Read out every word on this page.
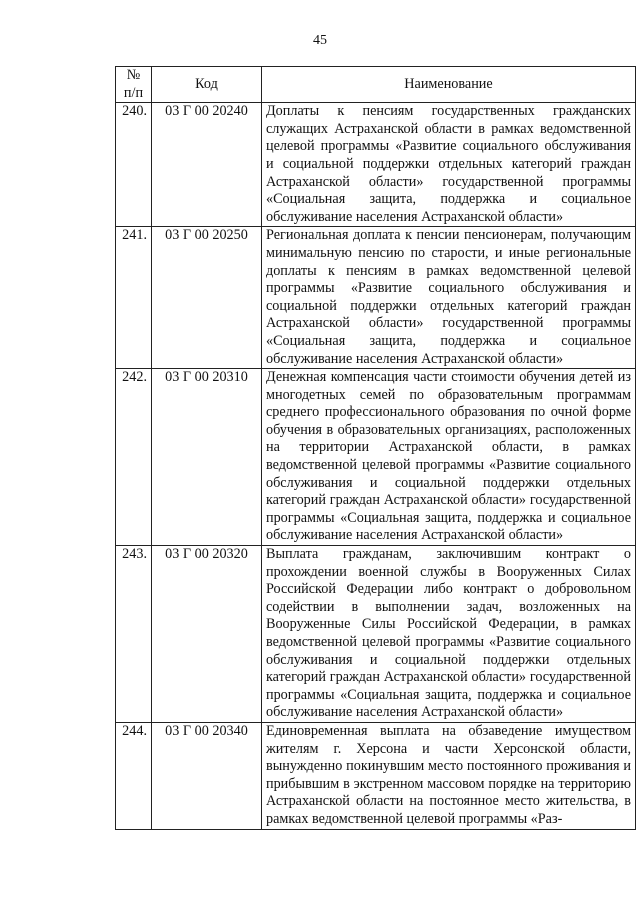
45
№
п/п	Код	Наименование
240.	03 Г 00 20240	Доплаты к пенсиям государственных гражданских служащих Астраханской области в рамках ведомственной целевой программы «Развитие социального обслуживания и социальной поддержки отдельных категорий граждан Астраханской области» государственной программы «Социальная защита, поддержка и социальное обслуживание населения Астраханской области»
241.	03 Г 00 20250	Региональная доплата к пенсии пенсионерам, получающим минимальную пенсию по старости, и иные региональные доплаты к пенсиям в рамках ведомственной целевой программы «Развитие социального обслуживания и социальной поддержки отдельных категорий граждан Астраханской области» государственной программы «Социальная защита, поддержка и социальное обслуживание населения Астраханской области»
242.	03 Г 00 20310	Денежная компенсация части стоимости обучения детей из многодетных семей по образовательным программам среднего профессионального образования по очной форме обучения в образовательных организациях, расположенных на территории Астраханской области, в рамках ведомственной целевой программы «Развитие социального обслуживания и социальной поддержки отдельных категорий граждан Астраханской области» государственной программы «Социальная защита, поддержка и социальное обслуживание населения Астраханской области»
243.	03 Г 00 20320	Выплата гражданам, заключившим контракт о прохождении военной службы в Вооруженных Силах Российской Федерации либо контракт о добровольном содействии в выполнении задач, возложенных на Вооруженные Силы Российской Федерации, в рамках ведомственной целевой программы «Развитие социального обслуживания и социальной поддержки отдельных категорий граждан Астраханской области» государственной программы «Социальная защита, поддержка и социальное обслуживание населения Астраханской области»
244.	03 Г 00 20340	Единовременная выплата на обзаведение имуществом жителям г. Херсона и части Херсонской области, вынужденно покинувшим место постоянного проживания и прибывшим в экстренном массовом порядке на территорию Астраханской области на постоянное место жительства, в рамках ведомственной целевой программы «Раз-
